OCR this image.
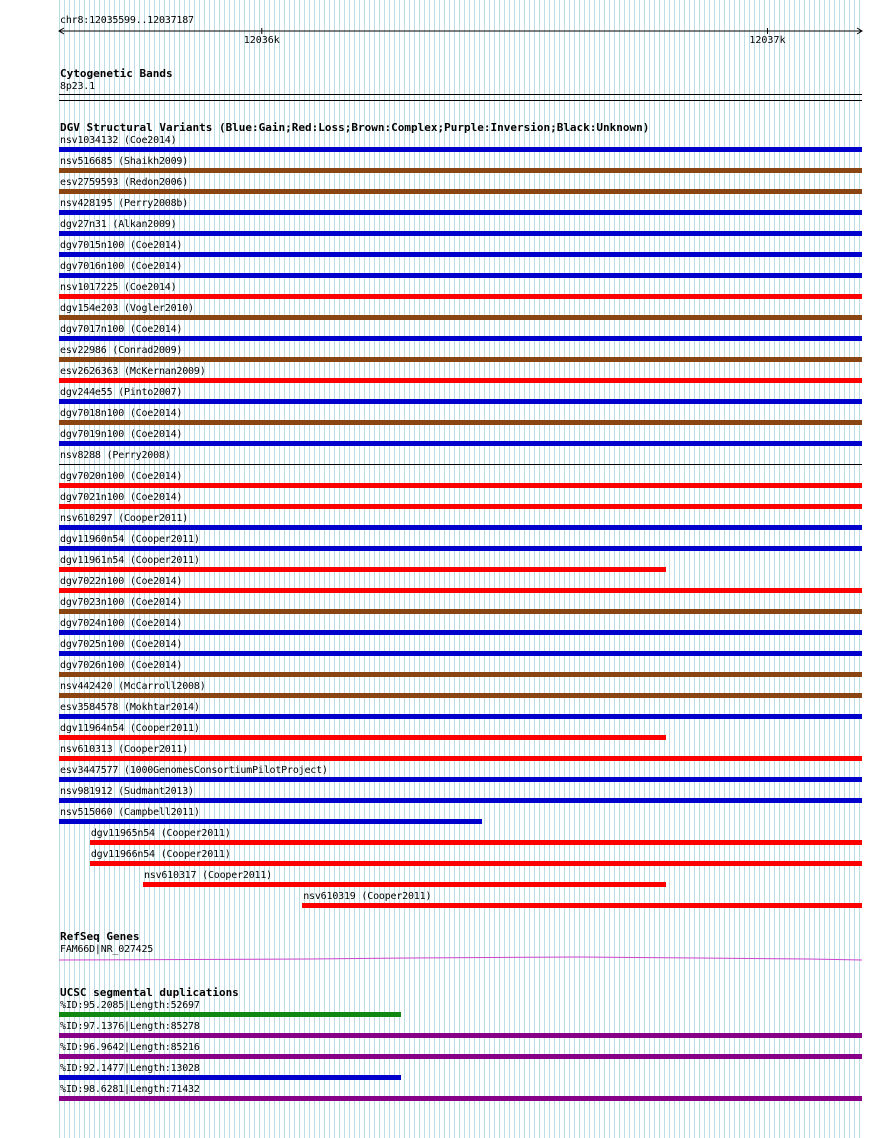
chr8:12035599..12037187
12036k	12037k
Cytogenetic Bands
8p23.1
DGV Structural Variants (Blue:Gain;Red:Loss;Brown:Complex;Purple:Inversion;Black:Unknown)
nsv1034132 (Coe2014)
nsv516685 (Shaikh2009)
esv2759593 (Redon2006)
nsv428195 (Perry2008b)
dgv27n31 (Alkan2009)
dgv7015n100 (Coe2014)
dgv7016n100 (Coe2014)
nsv1017225 (Coe2014)
dgv154e203 (Vogler2010)
dgv7017n100 (Coe2014)
esv22986 (Conrad2009)
esv2626363 (McKernan2009)
dgv244e55 (Pinto2007)
dgv7018n100 (Coe2014)
dgv7019n100 (Coe2014)
nsv8288 (Perry2008)
dgv7020n100 (Coe2014)
dgv7021n100 (Coe2014)
nsv610297 (Cooper2011)
dgv11960n54 (Cooper2011)
dgv11961n54 (Cooper2011)
dgv7022n100 (Coe2014)
dgv7023n100 (Coe2014)
dgv7024n100 (Coe2014)
dgv7025n100 (Coe2014)
dgv7026n100 (Coe2014)
nsv442420 (McCarroll2008)
esv3584578 (Mokhtar2014)
dgv11964n54 (Cooper2011)
nsv610313 (Cooper2011)
esv3447577 (1000GenomesConsortiumPilotProject)
nsv981912 (Sudmant2013)
nsv515060 (Campbell2011)
dgv11965n54 (Cooper2011)
dgv11966n54 (Cooper2011)
nsv610317 (Cooper2011)
nsv610319 (Cooper2011)
RefSeq Genes
FAM66D|NR_027425
UCSC segmental duplications
%ID:95.2085|Length:52697
%ID:97.1376|Length:85278
%ID:96.9642|Length:85216
%ID:92.1477|Length:13028
%ID:98.6281|Length:71432
